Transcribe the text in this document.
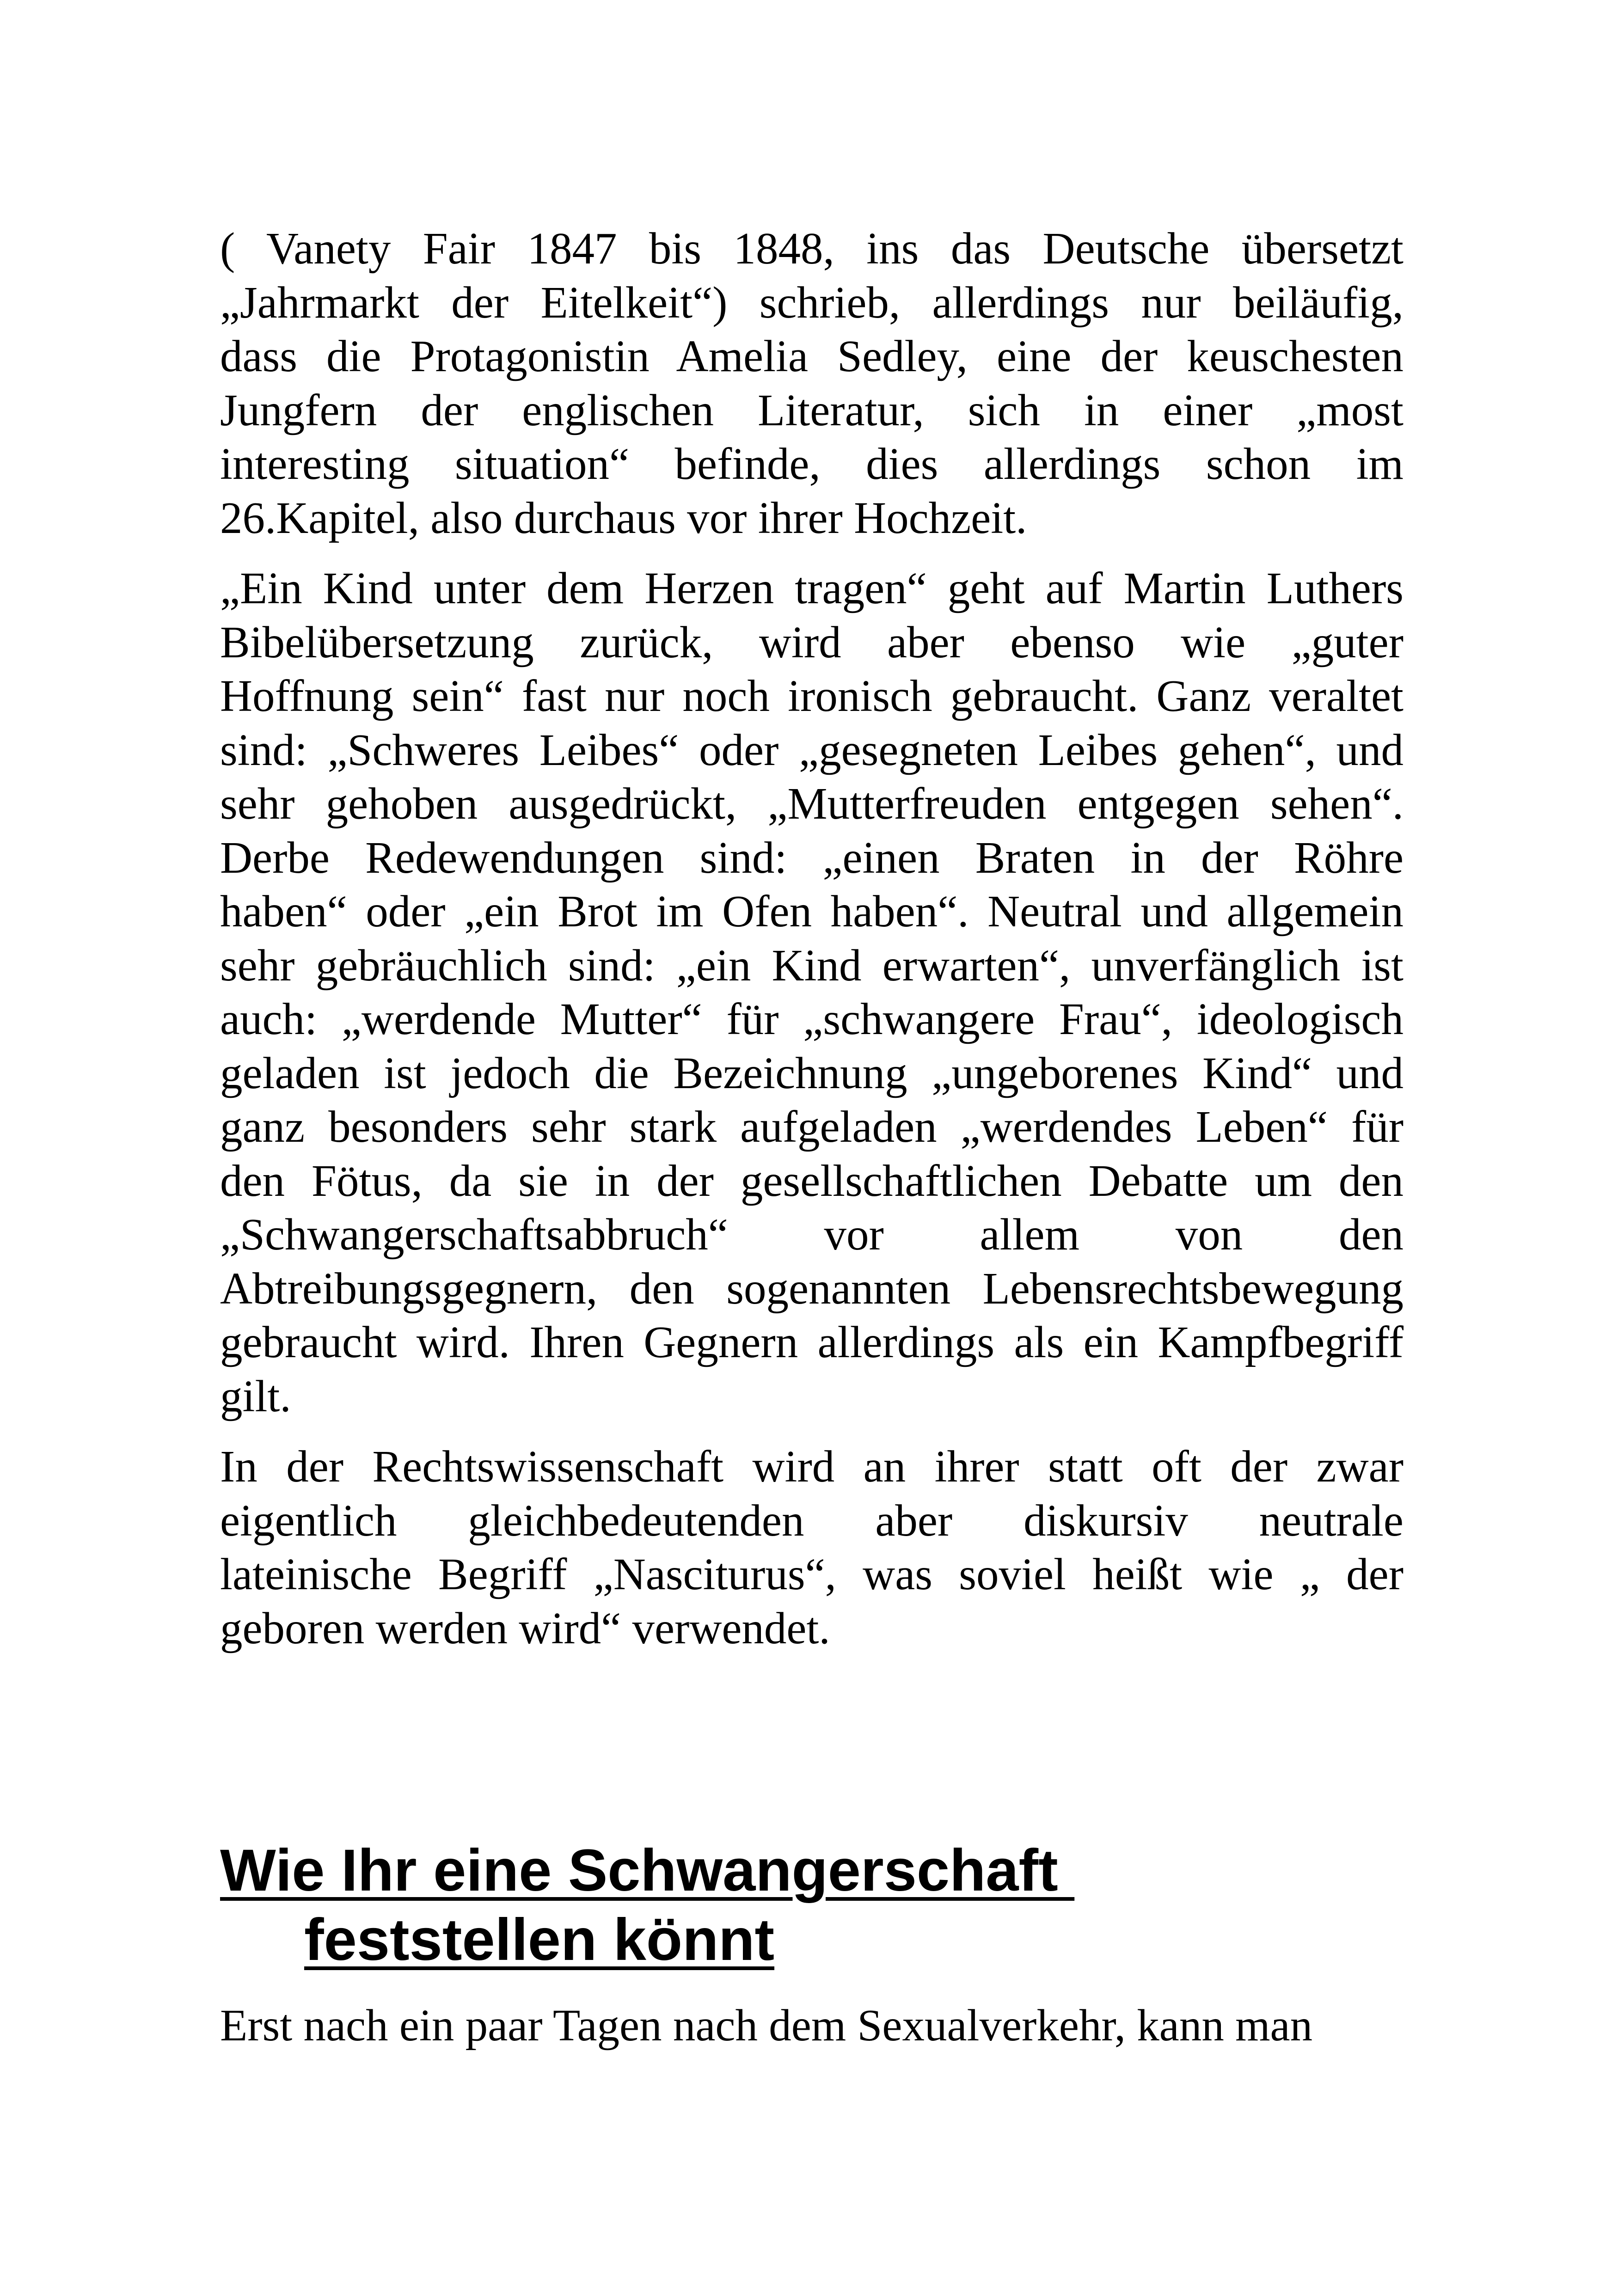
( Vanety Fair 1847 bis 1848, ins das Deutsche übersetzt
„Jahrmarkt der Eitelkeit“) schrieb, allerdings nur beiläufig,
dass die Protagonistin Amelia Sedley, eine der keuschesten
Jungfern der englischen Literatur, sich in einer „most
interesting situation“ befinde, dies allerdings schon im
26.Kapitel, also durchaus vor ihrer Hochzeit.

„Ein Kind unter dem Herzen tragen“ geht auf Martin Luthers
Bibelübersetzung zurück, wird aber ebenso wie „guter
Hoffnung sein“ fast nur noch ironisch gebraucht. Ganz veraltet
sind: „Schweres Leibes“ oder „gesegneten Leibes gehen“, und
sehr gehoben ausgedrückt, „Mutterfreuden entgegen sehen“.
Derbe Redewendungen sind: „einen Braten in der Röhre
haben“ oder „ein Brot im Ofen haben“. Neutral und allgemein
sehr gebräuchlich sind: „ein Kind erwarten“, unverfänglich ist
auch: „werdende Mutter“ für „schwangere Frau“, ideologisch
geladen ist jedoch die Bezeichnung „ungeborenes Kind“ und
ganz besonders sehr stark aufgeladen „werdendes Leben“ für
den Fötus, da sie in der gesellschaftlichen Debatte um den
„Schwangerschaftsabbruch“ vor allem von den
Abtreibungsgegnern, den sogenannten Lebensrechtsbewegung
gebraucht wird. Ihren Gegnern allerdings als ein Kampfbegriff
gilt.

In der Rechtswissenschaft wird an ihrer statt oft der zwar
eigentlich gleichbedeutenden aber diskursiv neutrale
lateinische Begriff „Nasciturus“, was soviel heißt wie „ der
geboren werden wird“ verwendet.

Wie Ihr eine Schwangerschaft
feststellen könnt

Erst nach ein paar Tagen nach dem Sexualverkehr, kann man
